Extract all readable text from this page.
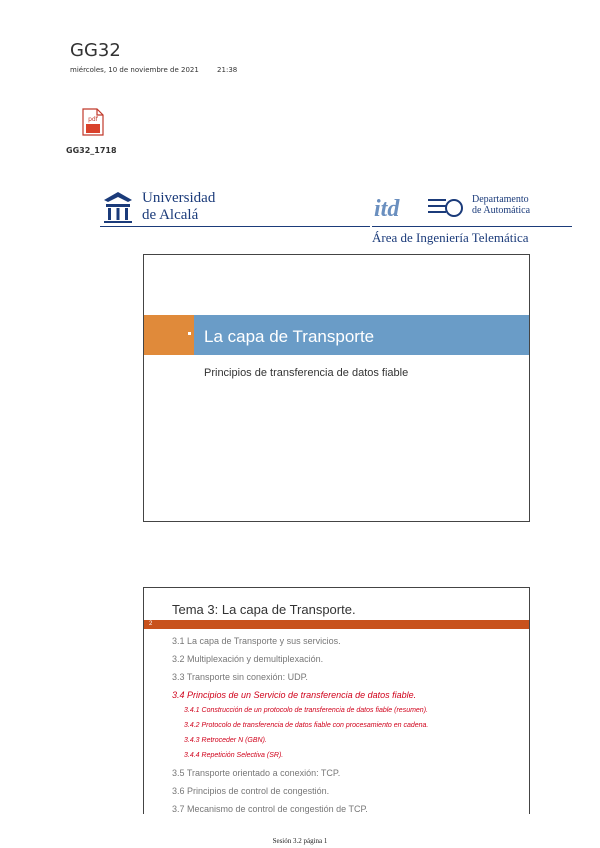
GG32
miércoles, 10 de noviembre de 2021	21:38
pdf
GG32_1718
Universidad
de Alcalá	itd	Departamento
de Automática
Área de Ingeniería Telemática
La capa de Transporte
Principios de transferencia de datos fiable
Tema 3: La capa de Transporte.
2
3.1 La capa de Transporte y sus servicios.
3.2 Multiplexación y demultiplexación.
3.3 Transporte sin conexión: UDP.
3.4 Principios de un Servicio de transferencia de datos fiable.
3.4.1 Construcción de un protocolo de transferencia de datos fiable (resumen).
3.4.2 Protocolo de transferencia de datos fiable con procesamiento en cadena.
3.4.3 Retroceder N (GBN).
3.4.4 Repetición Selectiva (SR).
3.5 Transporte orientado a conexión: TCP.
3.6 Principios de control de congestión.
3.7 Mecanismo de control de congestión de TCP.
Sesión 3.2 página 1
